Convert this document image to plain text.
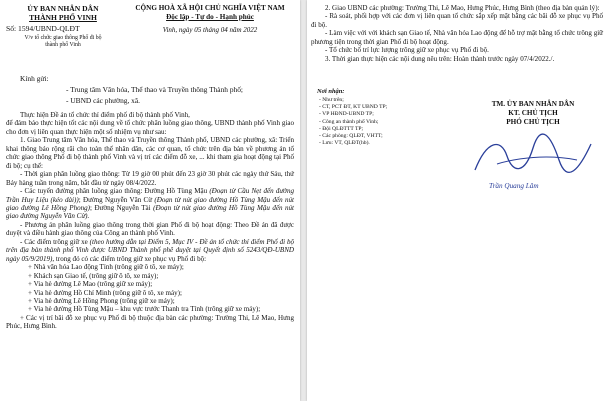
ỦY BAN NHÂN DÂN
THÀNH PHỐ VINH
Số: 1594/UBND-QLĐT
V/v tổ chức giao thông Phố đi bộ
thành phố Vinh
CỘNG HOÀ XÃ HỘI CHỦ NGHĨA VIỆT NAM
Độc lập - Tự do - Hạnh phúc
Vinh, ngày 05 tháng 04 năm 2022
Kính gửi:
- Trung tâm Văn hóa, Thể thao và Truyền thông Thành phố;
- UBND các phường, xã.

Thực hiện Đề án tổ chức thí điểm phố đi bộ thành phố Vinh,

để đảm bảo thực hiện tốt các nội dung về tổ chức phân luồng giao thông, UBND thành phố Vinh giao cho đơn vị liên quan thực hiện một số nhiệm vụ như sau:

1. Giao Trung tâm Văn hóa, Thể thao và Truyền thông Thành phố, UBND các phường, xã: Triển khai thông báo rộng rãi cho toàn thể nhân dân, các cơ quan, tổ chức trên địa bàn về phương án tổ chức giao thông Phố đi bộ thành phố Vinh và vị trí các điểm đỗ xe, ... khi tham gia hoạt động tại Phố đi bộ; cụ thể:

- Thời gian phân luồng giao thông: Từ 19 giờ 00 phút đến 23 giờ 30 phút các ngày thứ Sáu, thứ Bảy hàng tuần trong năm, bắt đầu từ ngày 08/4/2022.

- Các tuyến đường phân luồng giao thông: Đường Hồ Tùng Mậu (Đoạn từ Cầu Nẹt đến đường Trần Huy Liệu (kéo dài)); Đường Nguyễn Văn Cừ (Đoạn từ nút giao đường Hồ Tùng Mậu đến nút giao đường Lê Hồng Phong); Đường Nguyễn Tài (Đoạn từ nút giao đường Hồ Tùng Mậu đến nút giao đường Nguyễn Văn Cừ).

- Phương án phân luồng giao thông trong thời gian Phố đi bộ hoạt động: Theo Đề án đã được duyệt và điều hành giao thông của Công an thành phố Vinh.

- Các điểm trông giữ xe (theo hướng dẫn tại Điểm 5, Mục IV - Đề án tổ chức thí điểm Phố đi bộ trên địa bàn thành phố Vinh được UBND Thành phố phê duyệt tại Quyết định số 5243/QĐ-UBND ngày 05/9/2019), trong đó có các điểm trông giữ xe phục vụ Phố đi bộ:

+ Nhà văn hóa Lao động Tỉnh (trông giữ ô tô, xe máy);

+ Khách sạn Giao tế, (trông giữ ô tô, xe máy);

+ Via hè đường Lê Mao (trông giữ xe máy);

+ Via hè đường Hồ Chí Minh (trông giữ ô tô, xe máy);

+ Via hè đường Lê Hồng Phong (trông giữ xe máy);

+ Via hè đường Hồ Tùng Mậu – khu vực trước Thanh tra Tỉnh (trông giữ xe máy);

+ Các vị trí bãi đỗ xe phục vụ Phố đi bộ thuộc địa bàn các phường: Trường Thi, Lê Mao, Hưng Phúc, Hưng Bình.

2. Giao UBND các phường: Trường Thi, Lê Mao, Hưng Phúc, Hưng Bình (theo địa bàn quản lý):

- Rà soát, phối hợp với các đơn vị liên quan tổ chức sắp xếp mặt bằng các bãi đỗ xe phục vụ Phố đi bộ.

- Làm việc với với khách sạn Giao tế, Nhà văn hóa Lao động để hỗ trợ mặt bằng tổ chức trông giữ phương tiện trong thời gian Phố đi bộ hoạt động.

- Tổ chức bố trí lực lượng trông giữ xe phục vụ Phố đi bộ.

3. Thời gian thực hiện các nội dung nêu trên: Hoàn thành trước ngày 07/4/2022./.

Nơi nhận:
- Như trên;
- CT, PCT ĐT, KT UBND TP;
- VP HĐND-UBND TP;
- Công an thành phố Vinh;
- Đội QLĐTTT TP;
- Các phòng: QLĐT, VHTT;
- Lưu: VT, QLĐT(hb).
TM. ỦY BAN NHÂN DÂN
KT. CHỦ TỊCH
PHÓ CHỦ TỊCH
Trần Quang Lâm
